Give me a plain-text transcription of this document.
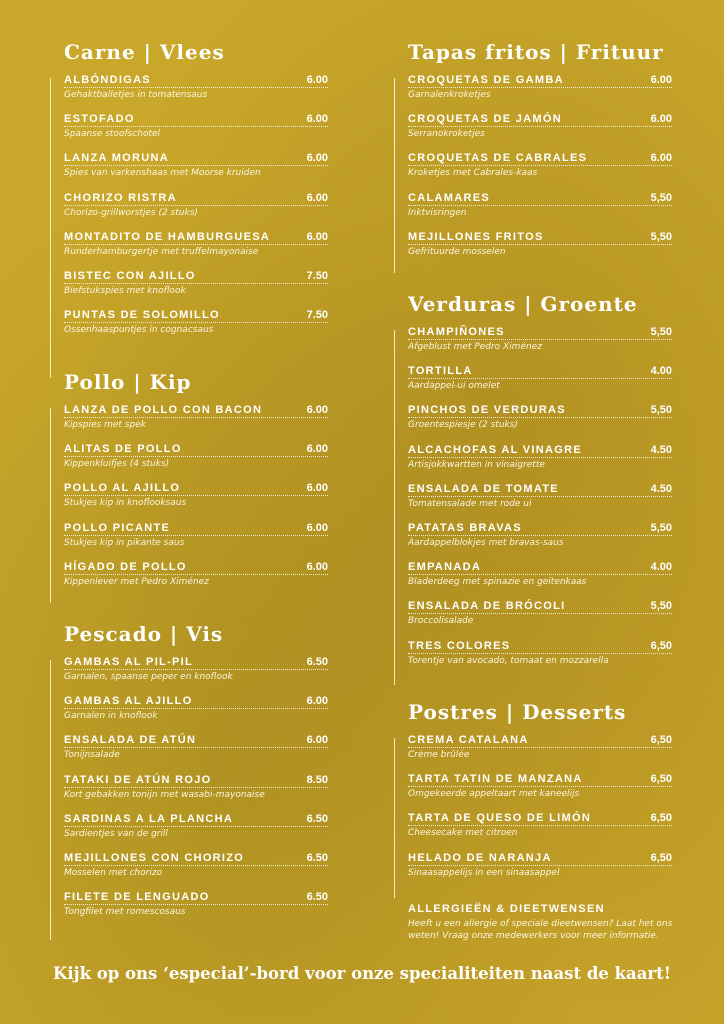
Carne | Vlees
ALBÓNDIGAS	6.00
Gehaktballetjes in tomatensaus
ESTOFADO	6.00
Spaanse stoofschotel
LANZA MORUNA	6.00
Spies van varkenshaas met Moorse kruiden
CHORIZO RISTRA	6.00
Chorizo-grillworstjes (2 stuks)
MONTADITO DE HAMBURGUESA	6.00
Runderhamburgertje met truffelmayonaise
BISTEC CON AJILLO	7.50
Biefstukspies met knoflook
PUNTAS DE SOLOMILLO	7.50
Ossenhaaspuntjes in cognacsaus
Pollo | Kip
LANZA DE POLLO CON BACON	6.00
Kipspies met spek
ALITAS DE POLLO	6.00
Kippenkluifjes (4 stuks)
POLLO AL AJILLO	6.00
Stukjes kip in knoflooksaus
POLLO PICANTE	6.00
Stukjes kip in pikante saus
HÍGADO DE POLLO	6.00
Kippenlever met Pedro Ximénez
Pescado | Vis
GAMBAS AL PIL-PIL	6.50
Garnalen, spaanse peper en knoflook
GAMBAS AL AJILLO	6.00
Garnalen in knoflook
ENSALADA DE ATÚN	6.00
Tonijnsalade
TATAKI DE ATÚN ROJO	8.50
Kort gebakken tonijn met wasabi-mayonaise
SARDINAS A LA PLANCHA	6.50
Sardientjes van de grill
MEJILLONES CON CHORIZO	6.50
Mosselen met chorizo
FILETE DE LENGUADO	6.50
Tongfilet met romescosaus
Tapas fritos | Frituur
CROQUETAS DE GAMBA	6.00
Garnalenkroketjes
CROQUETAS DE JAMÓN	6.00
Serranokroketjes
CROQUETAS DE CABRALES	6.00
Kroketjes met Cabrales-kaas
CALAMARES	5,50
Inktvisringen
MEJILLONES FRITOS	5,50
Gefrituurde mosselen
Verduras | Groente
CHAMPIÑONES	5,50
Afgeblust met Pedro Ximénez
TORTILLA	4.00
Aardappel-ui omelet
PINCHOS DE VERDURAS	5,50
Groentespiesje (2 stuks)
ALCACHOFAS AL VINAGRE	4.50
Artisjokkwartten in vinaigrette
ENSALADA DE TOMATE	4.50
Tomatensalade met rode ui
PATATAS BRAVAS	5,50
Aardappelblokjes met bravas-saus
EMPANADA	4.00
Bladerdeeg met spinazie en geitenkaas
ENSALADA DE BRÓCOLI	5,50
Broccolisalade
TRES COLORES	6,50
Torentje van avocado, tomaat en mozzarella
Postres | Desserts
CREMA CATALANA	6,50
Crème brûlée
TARTA TATIN DE MANZANA	6,50
Omgekeerde appeltaart met kaneelijs
TARTA DE QUESO DE LIMÓN	6,50
Cheesecake met citroen
HELADO DE NARANJA	6,50
Sinaasappelijs in een sinaasappel
ALLERGIEËN & DIEETWENSEN
Heeft u een allergie of speciale dieetwensen? Laat het ons weten! Vraag onze medewerkers voor meer informatie.
Kijk op ons ‘especial’-bord voor onze specialiteiten naast de kaart!
